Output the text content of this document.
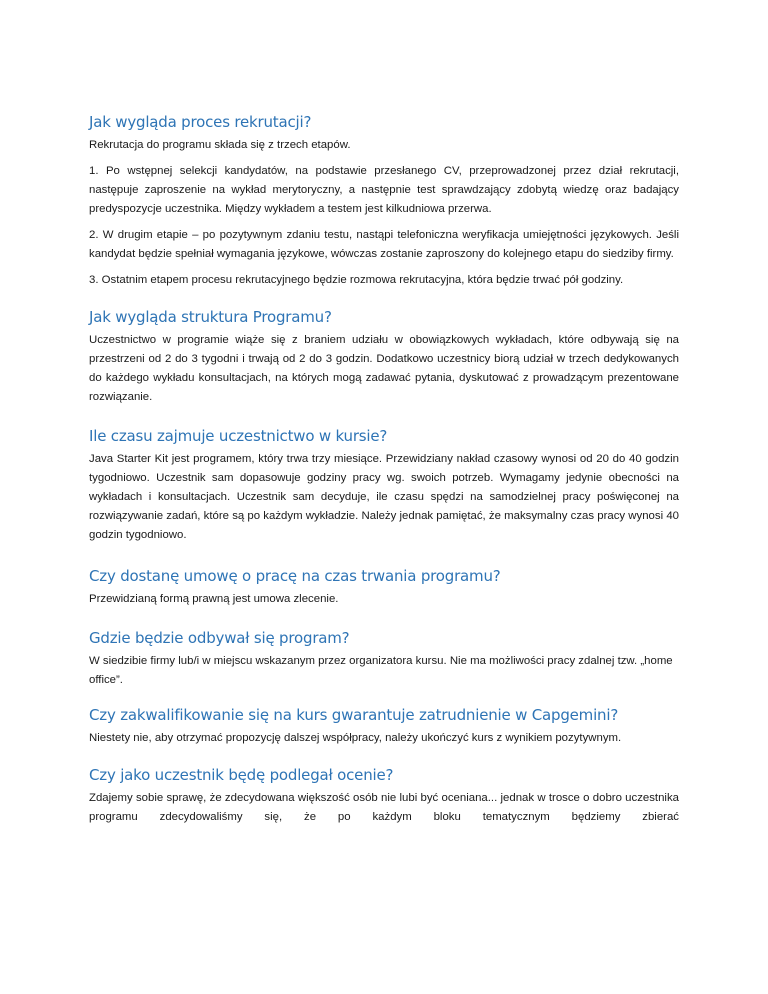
Jak wygląda proces rekrutacji?

Rekrutacja do programu składa się z trzech etapów.

1. Po wstępnej selekcji kandydatów, na podstawie przesłanego CV, przeprowadzonej przez dział rekrutacji, następuje zaproszenie na wykład merytoryczny, a następnie test sprawdzający zdobytą wiedzę oraz badający predyspozycje uczestnika. Między wykładem a testem jest kilkudniowa przerwa.

2. W drugim etapie – po pozytywnym zdaniu testu, nastąpi telefoniczna weryfikacja umiejętności językowych. Jeśli kandydat będzie spełniał wymagania językowe, wówczas zostanie zaproszony do kolejnego etapu do siedziby firmy.

3. Ostatnim etapem procesu rekrutacyjnego będzie rozmowa rekrutacyjna, która będzie trwać pół godziny.

Jak wygląda struktura Programu?

Uczestnictwo w programie wiąże się z braniem udziału w obowiązkowych wykładach, które odbywają się na przestrzeni od 2 do 3 tygodni i trwają od 2 do 3 godzin. Dodatkowo uczestnicy biorą udział w trzech dedykowanych do każdego wykładu konsultacjach, na których mogą zadawać pytania, dyskutować z prowadzącym prezentowane rozwiązanie.

Ile czasu zajmuje uczestnictwo w kursie?

Java Starter Kit jest programem, który trwa trzy miesiące. Przewidziany nakład czasowy wynosi od 20 do 40 godzin tygodniowo. Uczestnik sam dopasowuje godziny pracy wg. swoich potrzeb. Wymagamy jedynie obecności na wykładach i konsultacjach. Uczestnik sam decyduje, ile czasu spędzi na samodzielnej pracy poświęconej na rozwiązywanie zadań, które są po każdym wykładzie. Należy jednak pamiętać, że maksymalny czas pracy wynosi 40 godzin tygodniowo.

Czy dostanę umowę o pracę na czas trwania programu?

Przewidzianą formą prawną jest umowa zlecenie.

Gdzie będzie odbywał się program?

W siedzibie firmy lub/i w miejscu wskazanym przez organizatora kursu. Nie ma możliwości pracy zdalnej tzw. „home office”.

Czy zakwalifikowanie się na kurs gwarantuje zatrudnienie w Capgemini?

Niestety nie, aby otrzymać propozycję dalszej współpracy, należy ukończyć kurs z wynikiem pozytywnym.

Czy jako uczestnik będę podlegał ocenie?

Zdajemy sobie sprawę, że zdecydowana większość osób nie lubi być oceniana... jednak w trosce o dobro uczestnika programu zdecydowaliśmy się, że po każdym bloku tematycznym będziemy zbierać
